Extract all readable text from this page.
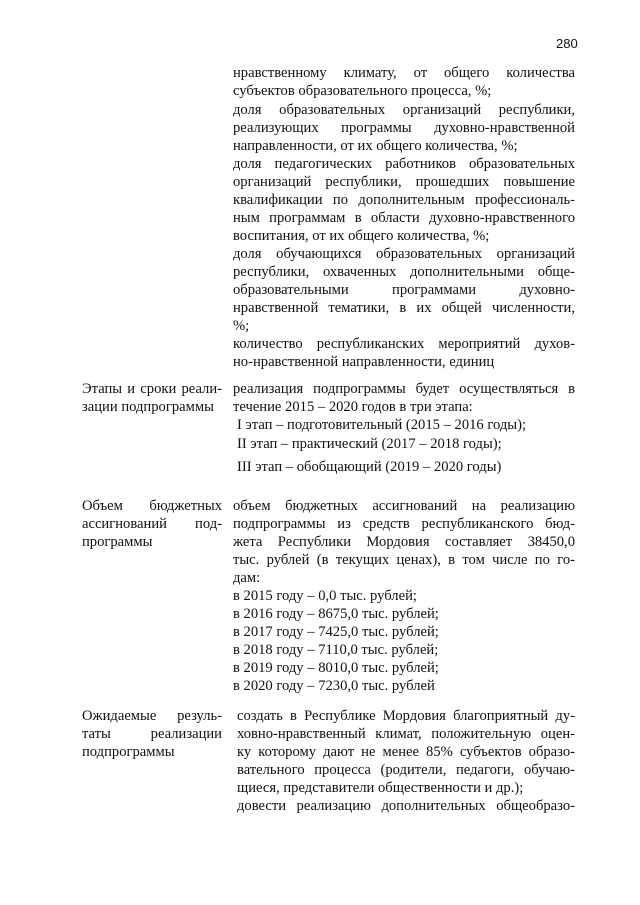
280
нравственному климату, от общего количества
субъектов образовательного процесса, %;
доля образовательных организаций республики,
реализующих программы духовно-нравственной
направленности, от их общего количества, %;
доля педагогических работников образовательных
организаций республики, прошедших повышение
квалификации по дополнительным профессиональ-
ным программам в области духовно-нравственного
воспитания, от их общего количества, %;
доля обучающихся образовательных организаций
республики, охваченных дополнительными обще-
образовательными программами духовно-
нравственной тематики, в их общей численности,
%;
количество республиканских мероприятий духов-
но-нравственной направленности, единиц
Этапы и сроки реали-
зации подпрограммы
реализация подпрограммы будет осуществляться в
течение 2015 – 2020 годов в три этапа:
I этап – подготовительный (2015 – 2016 годы);
II этап – практический (2017 – 2018 годы);
III этап – обобщающий (2019 – 2020 годы)
Объем бюджетных
ассигнований под-
программы
объем бюджетных ассигнований на реализацию
подпрограммы из средств республиканского бюд-
жета Республики Мордовия составляет 38450,0
тыс. рублей (в текущих ценах), в том числе по го-
дам:
в 2015 году – 0,0 тыс. рублей;
в 2016 году – 8675,0 тыс. рублей;
в 2017 году – 7425,0 тыс. рублей;
в 2018 году – 7110,0 тыс. рублей;
в 2019 году – 8010,0 тыс. рублей;
в 2020 году – 7230,0 тыс. рублей
Ожидаемые резуль-
таты реализации
подпрограммы
создать в Республике Мордовия благоприятный ду-
ховно-нравственный климат, положительную оцен-
ку которому дают не менее 85% субъектов образо-
вательного процесса (родители, педагоги, обучаю-
щиеся, представители общественности и др.);
довести реализацию дополнительных общеобразо-
